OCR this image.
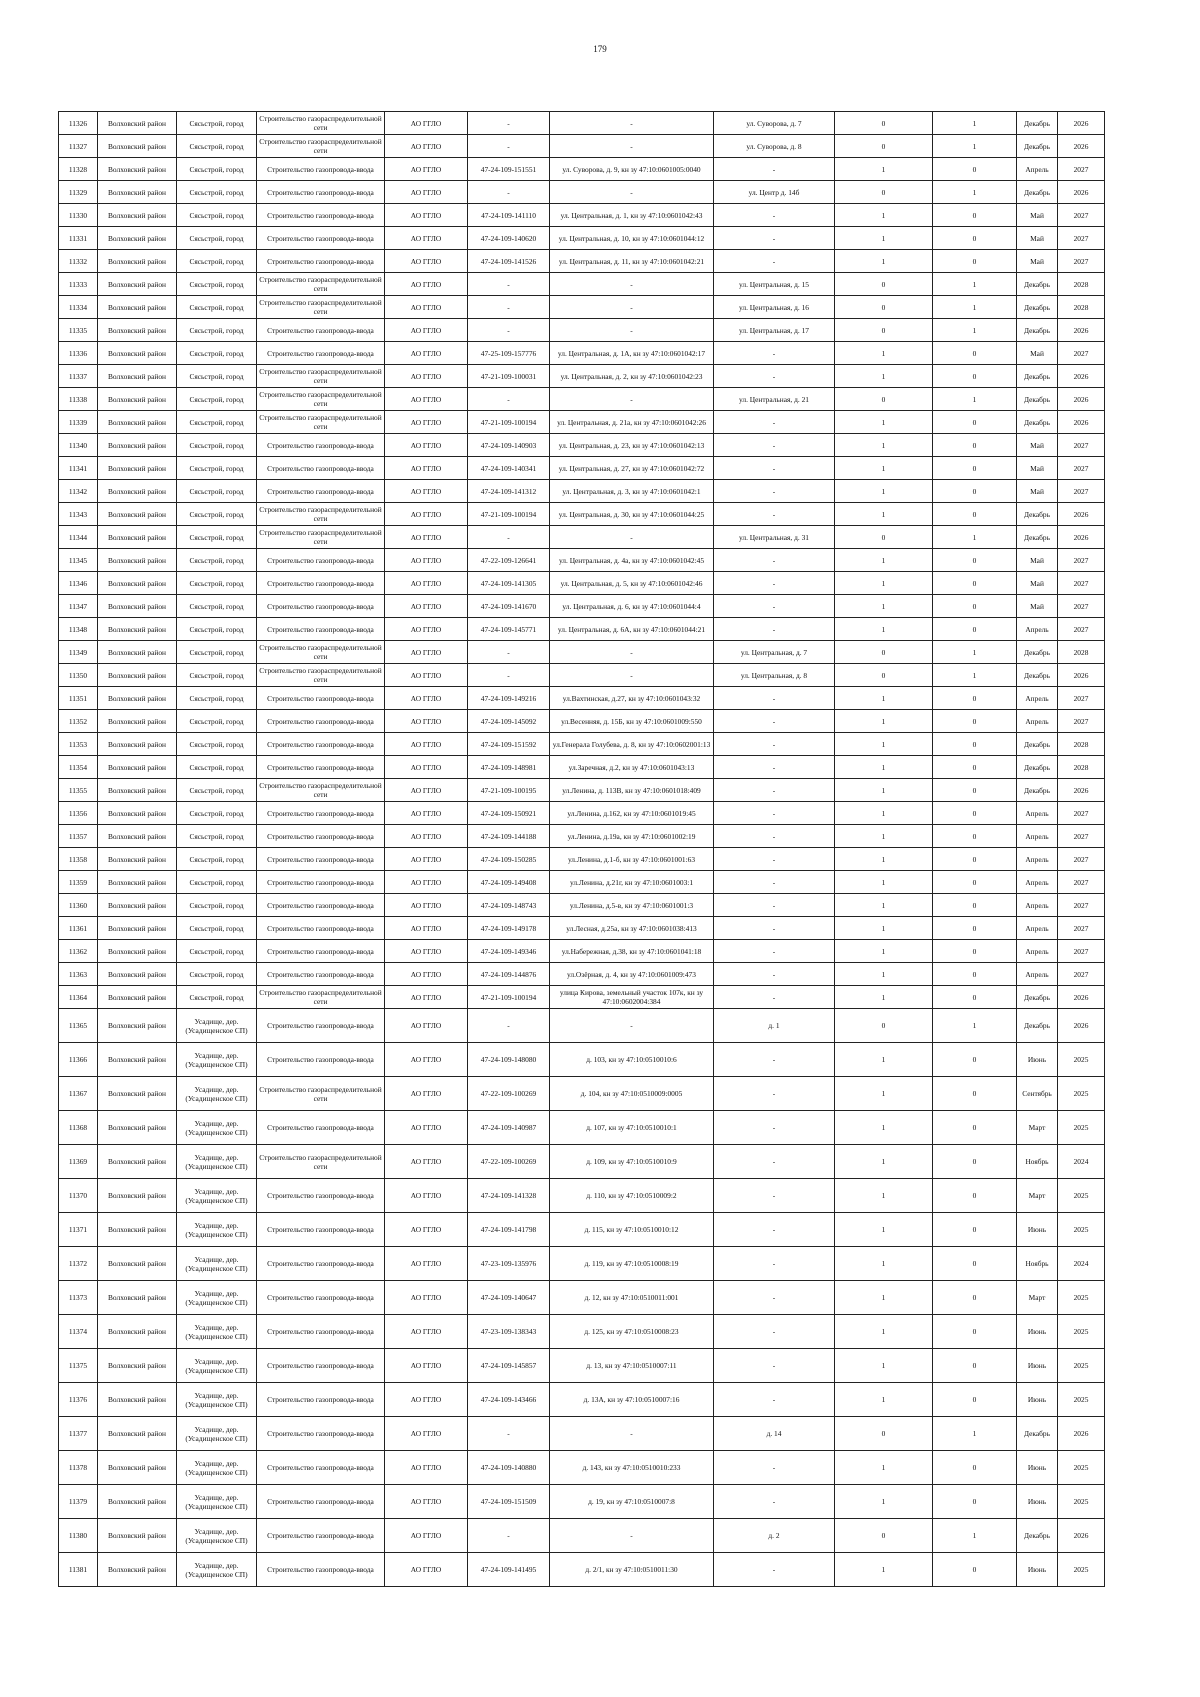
179
11326	Волховский район	Сясьстрой, город	Строительство газораспределительной сети	АО ГГЛО	-	-	ул. Суворова, д. 7	0	1	Декабрь	2026
11327	Волховский район	Сясьстрой, город	Строительство газораспределительной сети	АО ГГЛО	-	-	ул. Суворова, д. 8	0	1	Декабрь	2026
11328	Волховский район	Сясьстрой, город	Строительство газопровода-ввода	АО ГГЛО	47-24-109-151551	ул. Суворова, д. 9, кн зу 47:10:0601005:0040	-	1	0	Апрель	2027
11329	Волховский район	Сясьстрой, город	Строительство газопровода-ввода	АО ГГЛО	-	-	ул. Центр д. 14б	0	1	Декабрь	2026
11330	Волховский район	Сясьстрой, город	Строительство газопровода-ввода	АО ГГЛО	47-24-109-141110	ул. Центральная, д. 1, кн зу 47:10:0601042:43	-	1	0	Май	2027
11331	Волховский район	Сясьстрой, город	Строительство газопровода-ввода	АО ГГЛО	47-24-109-140620	ул. Центральная, д. 10, кн зу 47:10:0601044:12	-	1	0	Май	2027
11332	Волховский район	Сясьстрой, город	Строительство газопровода-ввода	АО ГГЛО	47-24-109-141526	ул. Центральная, д. 11, кн зу 47:10:0601042:21	-	1	0	Май	2027
11333	Волховский район	Сясьстрой, город	Строительство газораспределительной сети	АО ГГЛО	-	-	ул. Центральная, д. 15	0	1	Декабрь	2028
11334	Волховский район	Сясьстрой, город	Строительство газораспределительной сети	АО ГГЛО	-	-	ул. Центральная, д. 16	0	1	Декабрь	2028
11335	Волховский район	Сясьстрой, город	Строительство газопровода-ввода	АО ГГЛО	-	-	ул. Центральная, д. 17	0	1	Декабрь	2026
11336	Волховский район	Сясьстрой, город	Строительство газопровода-ввода	АО ГГЛО	47-25-109-157776	ул. Центральная, д. 1А, кн зу 47:10:0601042:17	-	1	0	Май	2027
11337	Волховский район	Сясьстрой, город	Строительство газораспределительной сети	АО ГГЛО	47-21-109-100031	ул. Центральная, д. 2, кн зу 47:10:0601042:23	-	1	0	Декабрь	2026
11338	Волховский район	Сясьстрой, город	Строительство газораспределительной сети	АО ГГЛО	-	-	ул. Центральная, д. 21	0	1	Декабрь	2026
11339	Волховский район	Сясьстрой, город	Строительство газораспределительной сети	АО ГГЛО	47-21-109-100194	ул. Центральная, д. 21а, кн зу 47:10:0601042:26	-	1	0	Декабрь	2026
11340	Волховский район	Сясьстрой, город	Строительство газопровода-ввода	АО ГГЛО	47-24-109-140903	ул. Центральная, д. 23, кн зу 47:10:0601042:13	-	1	0	Май	2027
11341	Волховский район	Сясьстрой, город	Строительство газопровода-ввода	АО ГГЛО	47-24-109-140341	ул. Центральная, д. 27, кн зу 47:10:0601042:72	-	1	0	Май	2027
11342	Волховский район	Сясьстрой, город	Строительство газопровода-ввода	АО ГГЛО	47-24-109-141312	ул. Центральная, д. 3, кн зу 47:10:0601042:1	-	1	0	Май	2027
11343	Волховский район	Сясьстрой, город	Строительство газораспределительной сети	АО ГГЛО	47-21-109-100194	ул. Центральная, д. 30, кн зу 47:10:0601044:25	-	1	0	Декабрь	2026
11344	Волховский район	Сясьстрой, город	Строительство газораспределительной сети	АО ГГЛО	-	-	ул. Центральная, д. 31	0	1	Декабрь	2026
11345	Волховский район	Сясьстрой, город	Строительство газопровода-ввода	АО ГГЛО	47-22-109-126641	ул. Центральная, д. 4а, кн зу 47:10:0601042:45	-	1	0	Май	2027
11346	Волховский район	Сясьстрой, город	Строительство газопровода-ввода	АО ГГЛО	47-24-109-141305	ул. Центральная, д. 5, кн зу 47:10:0601042:46	-	1	0	Май	2027
11347	Волховский район	Сясьстрой, город	Строительство газопровода-ввода	АО ГГЛО	47-24-109-141670	ул. Центральная, д. 6, кн зу 47:10:0601044:4	-	1	0	Май	2027
11348	Волховский район	Сясьстрой, город	Строительство газопровода-ввода	АО ГГЛО	47-24-109-145771	ул. Центральная, д. 6А, кн зу 47:10:0601044:21	-	1	0	Апрель	2027
11349	Волховский район	Сясьстрой, город	Строительство газораспределительной сети	АО ГГЛО	-	-	ул. Центральная, д. 7	0	1	Декабрь	2028
11350	Волховский район	Сясьстрой, город	Строительство газораспределительной сети	АО ГГЛО	-	-	ул. Центральная, д. 8	0	1	Декабрь	2026
11351	Волховский район	Сясьстрой, город	Строительство газопровода-ввода	АО ГГЛО	47-24-109-149216	ул.Вахтинская, д.27, кн зу 47:10:0601043:32	-	1	0	Апрель	2027
11352	Волховский район	Сясьстрой, город	Строительство газопровода-ввода	АО ГГЛО	47-24-109-145092	ул.Весенняя, д. 15Б, кн зу 47:10:0601009:550	-	1	0	Апрель	2027
11353	Волховский район	Сясьстрой, город	Строительство газопровода-ввода	АО ГГЛО	47-24-109-151592	ул.Генерала Голубева, д. 8, кн зу 47:10:0602001:13	-	1	0	Декабрь	2028
11354	Волховский район	Сясьстрой, город	Строительство газопровода-ввода	АО ГГЛО	47-24-109-148981	ул.Заречная, д.2, кн зу 47:10:0601043:13	-	1	0	Декабрь	2028
11355	Волховский район	Сясьстрой, город	Строительство газораспределительной сети	АО ГГЛО	47-21-109-100195	ул.Ленина, д. 113В, кн зу 47:10:0601018:409	-	1	0	Декабрь	2026
11356	Волховский район	Сясьстрой, город	Строительство газопровода-ввода	АО ГГЛО	47-24-109-150921	ул.Ленина, д.162, кн зу 47:10:0601019:45	-	1	0	Апрель	2027
11357	Волховский район	Сясьстрой, город	Строительство газопровода-ввода	АО ГГЛО	47-24-109-144188	ул.Ленина, д.19а, кн зу 47:10:0601002:19	-	1	0	Апрель	2027
11358	Волховский район	Сясьстрой, город	Строительство газопровода-ввода	АО ГГЛО	47-24-109-150285	ул.Ленина, д.1-б, кн зу 47:10:0601001:63	-	1	0	Апрель	2027
11359	Волховский район	Сясьстрой, город	Строительство газопровода-ввода	АО ГГЛО	47-24-109-149408	ул.Ленина, д.21г, кн зу 47:10:0601003:1	-	1	0	Апрель	2027
11360	Волховский район	Сясьстрой, город	Строительство газопровода-ввода	АО ГГЛО	47-24-109-148743	ул.Ленина, д.5-в, кн зу 47:10:0601001:3	-	1	0	Апрель	2027
11361	Волховский район	Сясьстрой, город	Строительство газопровода-ввода	АО ГГЛО	47-24-109-149178	ул.Лесная, д.25а, кн зу 47:10:0601038:413	-	1	0	Апрель	2027
11362	Волховский район	Сясьстрой, город	Строительство газопровода-ввода	АО ГГЛО	47-24-109-149346	ул.Набережная, д.38, кн зу 47:10:0601041:18	-	1	0	Апрель	2027
11363	Волховский район	Сясьстрой, город	Строительство газопровода-ввода	АО ГГЛО	47-24-109-144876	ул.Озёрная, д. 4, кн зу 47:10:0601009:473	-	1	0	Апрель	2027
11364	Волховский район	Сясьстрой, город	Строительство газораспределительной сети	АО ГГЛО	47-21-109-100194	улица Кирова, земельный участок 107к, кн зу 47:10:0602004:384	-	1	0	Декабрь	2026
11365	Волховский район	Усадище, дер. (Усадищенское СП)	Строительство газопровода-ввода	АО ГГЛО	-	-	д. 1	0	1	Декабрь	2026
11366	Волховский район	Усадище, дер. (Усадищенское СП)	Строительство газопровода-ввода	АО ГГЛО	47-24-109-148080	д. 103, кн зу 47:10:0510010:6	-	1	0	Июнь	2025
11367	Волховский район	Усадище, дер. (Усадищенское СП)	Строительство газораспределительной сети	АО ГГЛО	47-22-109-100269	д. 104, кн зу 47:10:0510009:0005	-	1	0	Сентябрь	2025
11368	Волховский район	Усадище, дер. (Усадищенское СП)	Строительство газопровода-ввода	АО ГГЛО	47-24-109-140987	д. 107, кн зу 47:10:0510010:1	-	1	0	Март	2025
11369	Волховский район	Усадище, дер. (Усадищенское СП)	Строительство газораспределительной сети	АО ГГЛО	47-22-109-100269	д. 109, кн зу 47:10:0510010:9	-	1	0	Ноябрь	2024
11370	Волховский район	Усадище, дер. (Усадищенское СП)	Строительство газопровода-ввода	АО ГГЛО	47-24-109-141328	д. 110, кн зу 47:10:0510009:2	-	1	0	Март	2025
11371	Волховский район	Усадище, дер. (Усадищенское СП)	Строительство газопровода-ввода	АО ГГЛО	47-24-109-141798	д. 115, кн зу 47:10:0510010:12	-	1	0	Июнь	2025
11372	Волховский район	Усадище, дер. (Усадищенское СП)	Строительство газопровода-ввода	АО ГГЛО	47-23-109-135976	д. 119, кн зу 47:10:0510008:19	-	1	0	Ноябрь	2024
11373	Волховский район	Усадище, дер. (Усадищенское СП)	Строительство газопровода-ввода	АО ГГЛО	47-24-109-140647	д. 12, кн зу 47:10:0510011:001	-	1	0	Март	2025
11374	Волховский район	Усадище, дер. (Усадищенское СП)	Строительство газопровода-ввода	АО ГГЛО	47-23-109-138343	д. 125, кн зу 47:10:0510008:23	-	1	0	Июнь	2025
11375	Волховский район	Усадище, дер. (Усадищенское СП)	Строительство газопровода-ввода	АО ГГЛО	47-24-109-145857	д. 13, кн зу 47:10:0510007:11	-	1	0	Июнь	2025
11376	Волховский район	Усадище, дер. (Усадищенское СП)	Строительство газопровода-ввода	АО ГГЛО	47-24-109-143466	д. 13А, кн зу 47:10:0510007:16	-	1	0	Июнь	2025
11377	Волховский район	Усадище, дер. (Усадищенское СП)	Строительство газопровода-ввода	АО ГГЛО	-	-	д. 14	0	1	Декабрь	2026
11378	Волховский район	Усадище, дер. (Усадищенское СП)	Строительство газопровода-ввода	АО ГГЛО	47-24-109-140880	д. 143, кн зу 47:10:0510010:233	-	1	0	Июнь	2025
11379	Волховский район	Усадище, дер. (Усадищенское СП)	Строительство газопровода-ввода	АО ГГЛО	47-24-109-151509	д. 19, кн зу 47:10:0510007:8	-	1	0	Июнь	2025
11380	Волховский район	Усадище, дер. (Усадищенское СП)	Строительство газопровода-ввода	АО ГГЛО	-	-	д. 2	0	1	Декабрь	2026
11381	Волховский район	Усадище, дер. (Усадищенское СП)	Строительство газопровода-ввода	АО ГГЛО	47-24-109-141495	д. 2/1, кн зу 47:10:0510011:30	-	1	0	Июнь	2025
